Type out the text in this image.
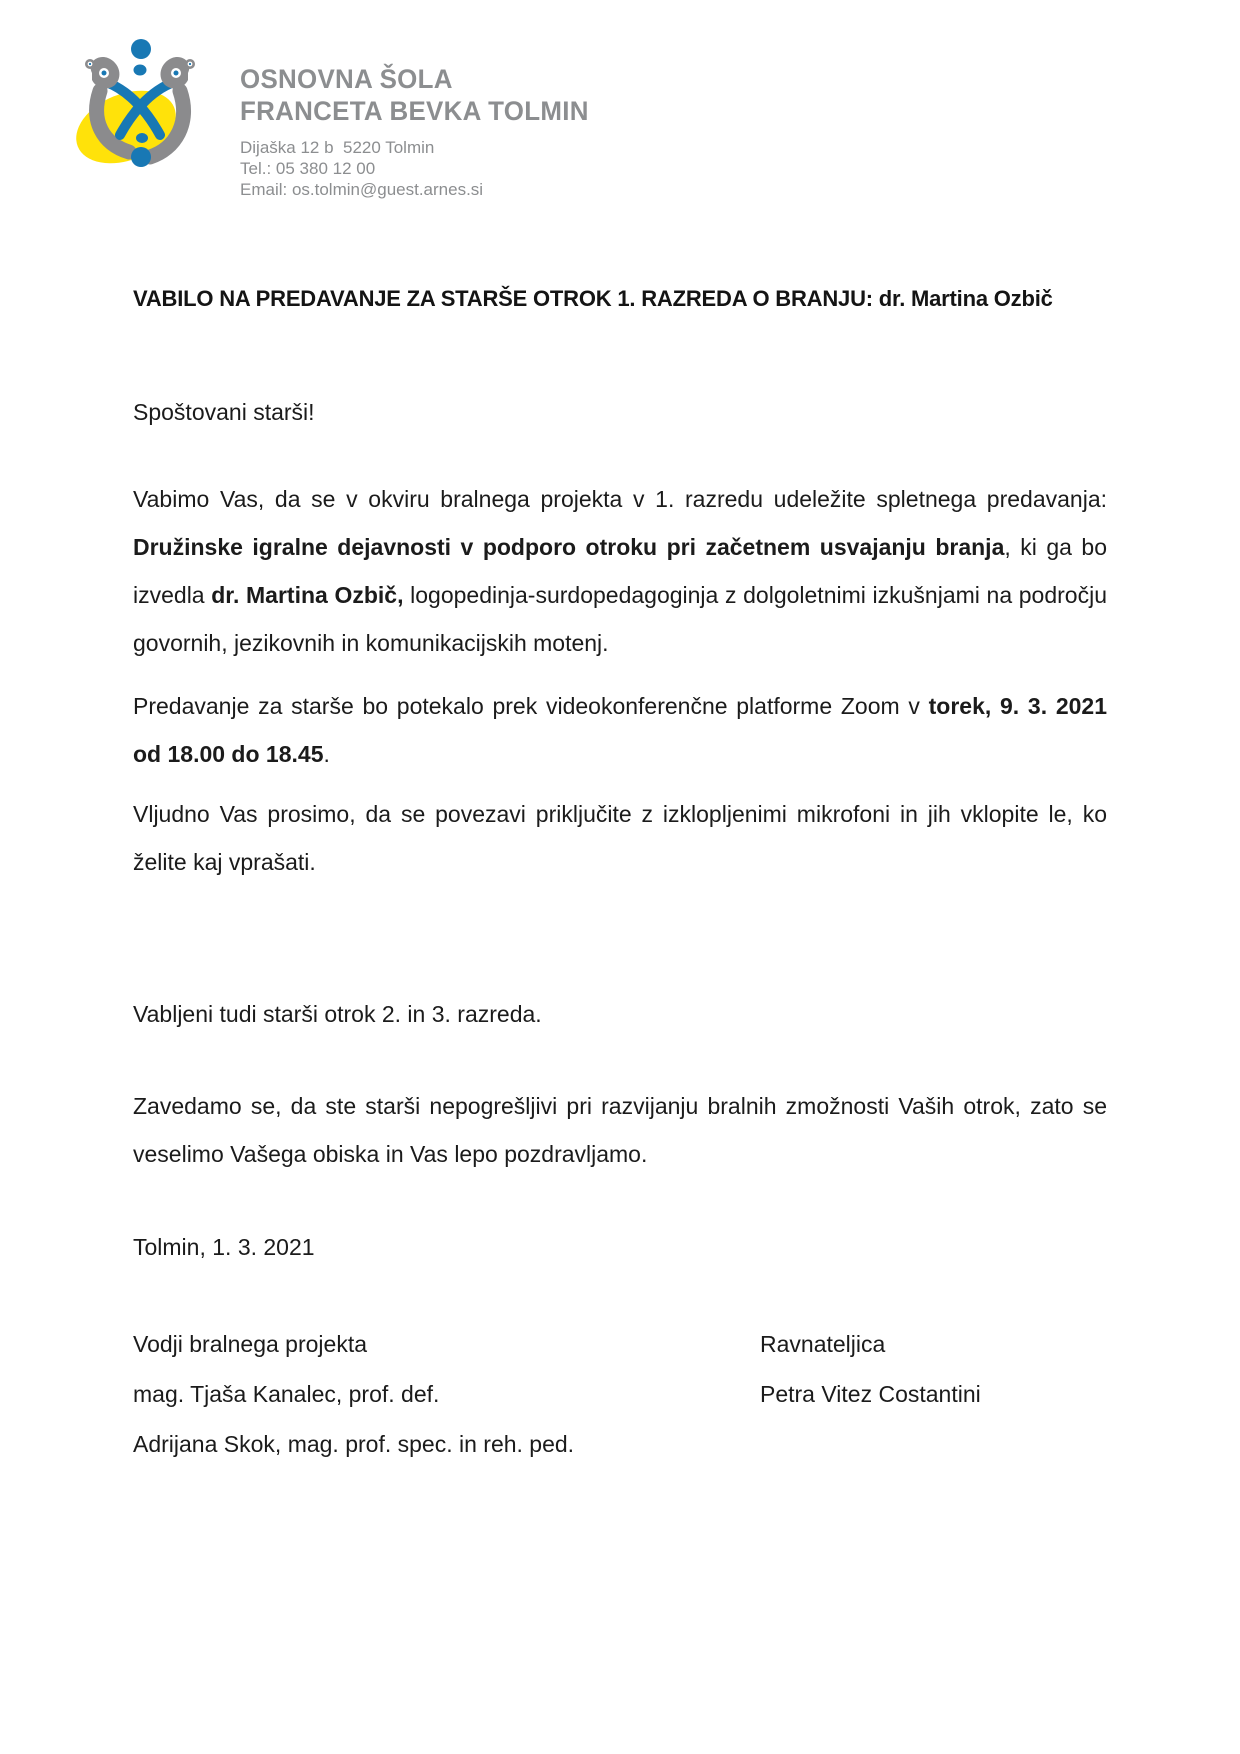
OSNOVNA ŠOLA
FRANCETA BEVKA TOLMIN
Dijaška 12 b  5220 Tolmin
Tel.: 05 380 12 00
Email: os.tolmin@guest.arnes.si
VABILO NA PREDAVANJE ZA STARŠE OTROK 1. RAZREDA O BRANJU: dr. Martina Ozbič

Spoštovani starši!

Vabimo Vas, da se v okviru bralnega projekta v 1. razredu udeležite spletnega predavanja: Družinske igralne dejavnosti v podporo otroku pri začetnem usvajanju branja, ki ga bo izvedla dr. Martina Ozbič, logopedinja-surdopedagoginja z dolgoletnimi izkušnjami na področju govornih, jezikovnih in komunikacijskih motenj.

Predavanje za starše bo potekalo prek videokonferenčne platforme Zoom v torek, 9. 3. 2021 od 18.00 do 18.45.

Vljudno Vas prosimo, da se povezavi priključite z izklopljenimi mikrofoni in jih vklopite le, ko želite kaj vprašati.

Vabljeni tudi starši otrok 2. in 3. razreda.

Zavedamo se, da ste starši nepogrešljivi pri razvijanju bralnih zmožnosti Vaših otrok, zato se veselimo Vašega obiska in Vas lepo pozdravljamo.

Tolmin, 1. 3. 2021

Vodji bralnega projekta	Ravnateljica
mag. Tjaša Kanalec, prof. def.	Petra Vitez Costantini
Adrijana Skok, mag. prof. spec. in reh. ped.
